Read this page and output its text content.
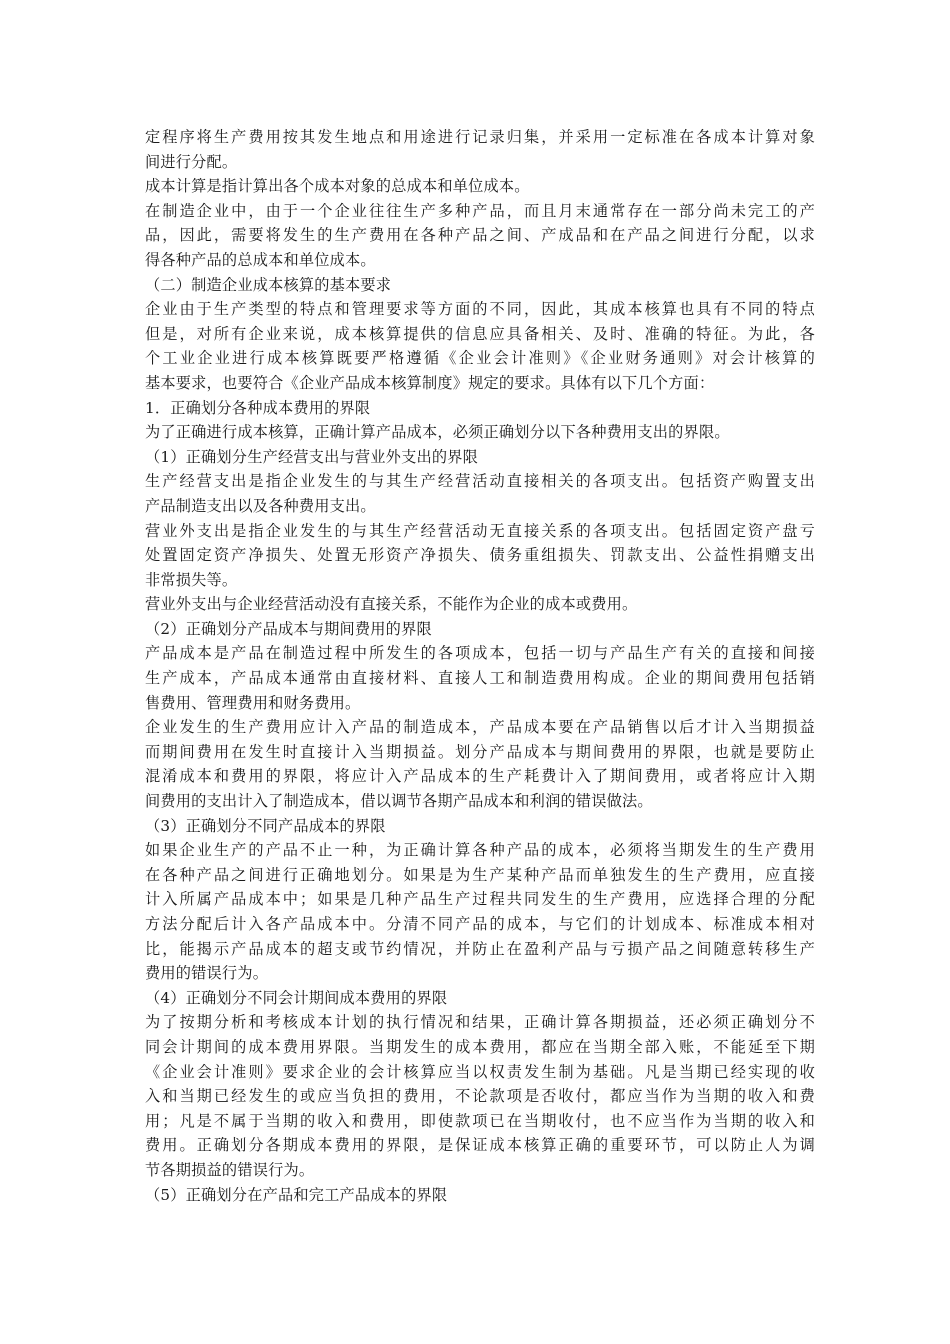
定程序将生产费用按其发生地点和用途进行记录归集，并采用一定标准在各成本计算对象
间进行分配。
成本计算是指计算出各个成本对象的总成本和单位成本。
在制造企业中，由于一个企业往往生产多种产品，而且月末通常存在一部分尚未完工的产
品，因此，需要将发生的生产费用在各种产品之间、产成品和在产品之间进行分配，以求
得各种产品的总成本和单位成本。
（二）制造企业成本核算的基本要求
企业由于生产类型的特点和管理要求等方面的不同，因此，其成本核算也具有不同的特点
但是，对所有企业来说，成本核算提供的信息应具备相关、及时、准确的特征。为此，各
个工业企业进行成本核算既要严格遵循《企业会计准则》《企业财务通则》对会计核算的
基本要求，也要符合《企业产品成本核算制度》规定的要求。具体有以下几个方面：
1．正确划分各种成本费用的界限
为了正确进行成本核算，正确计算产品成本，必须正确划分以下各种费用支出的界限。
（1）正确划分生产经营支出与营业外支出的界限
生产经营支出是指企业发生的与其生产经营活动直接相关的各项支出。包括资产购置支出
产品制造支出以及各种费用支出。
营业外支出是指企业发生的与其生产经营活动无直接关系的各项支出。包括固定资产盘亏
处置固定资产净损失、处置无形资产净损失、债务重组损失、罚款支出、公益性捐赠支出
非常损失等。
营业外支出与企业经营活动没有直接关系，不能作为企业的成本或费用。
（2）正确划分产品成本与期间费用的界限
产品成本是产品在制造过程中所发生的各项成本，包括一切与产品生产有关的直接和间接
生产成本，产品成本通常由直接材料、直接人工和制造费用构成。企业的期间费用包括销
售费用、管理费用和财务费用。
企业发生的生产费用应计入产品的制造成本，产品成本要在产品销售以后才计入当期损益
而期间费用在发生时直接计入当期损益。划分产品成本与期间费用的界限，也就是要防止
混淆成本和费用的界限，将应计入产品成本的生产耗费计入了期间费用，或者将应计入期
间费用的支出计入了制造成本，借以调节各期产品成本和利润的错误做法。
（3）正确划分不同产品成本的界限
如果企业生产的产品不止一种，为正确计算各种产品的成本，必须将当期发生的生产费用
在各种产品之间进行正确地划分。如果是为生产某种产品而单独发生的生产费用，应直接
计入所属产品成本中；如果是几种产品生产过程共同发生的生产费用，应选择合理的分配
方法分配后计入各产品成本中。分清不同产品的成本，与它们的计划成本、标准成本相对
比，能揭示产品成本的超支或节约情况，并防止在盈利产品与亏损产品之间随意转移生产
费用的错误行为。
（4）正确划分不同会计期间成本费用的界限
为了按期分析和考核成本计划的执行情况和结果，正确计算各期损益，还必须正确划分不
同会计期间的成本费用界限。当期发生的成本费用，都应在当期全部入账，不能延至下期
《企业会计准则》要求企业的会计核算应当以权责发生制为基础。凡是当期已经实现的收
入和当期已经发生的或应当负担的费用，不论款项是否收付，都应当作为当期的收入和费
用；凡是不属于当期的收入和费用，即使款项已在当期收付，也不应当作为当期的收入和
费用。正确划分各期成本费用的界限，是保证成本核算正确的重要环节，可以防止人为调
节各期损益的错误行为。
（5）正确划分在产品和完工产品成本的界限
